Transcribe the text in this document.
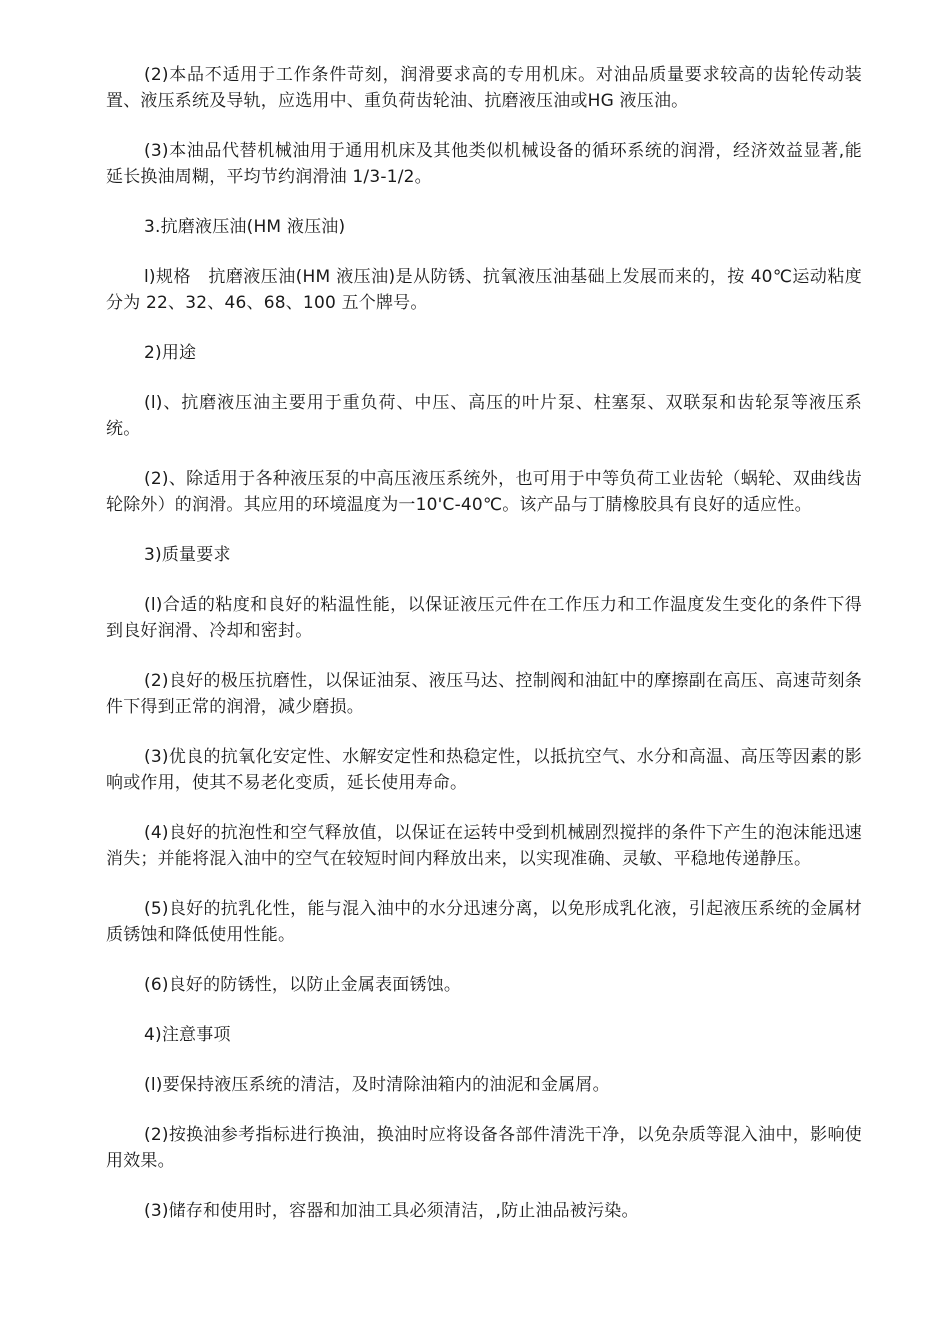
(2)本品不适用于工作条件苛刻，润滑要求高的专用机床。对油品质量要求较高的齿轮传动装置、液压系统及导轨，应选用中、重负荷齿轮油、抗磨液压油或HG 液压油。

(3)本油品代替机械油用于通用机床及其他类似机械设备的循环系统的润滑，经济效益显著,能延长换油周糊，平均节约润滑油 1/3-1/2。

3.抗磨液压油(HM 液压油)

l)规格　抗磨液压油(HM 液压油)是从防锈、抗氧液压油基础上发展而来的，按 40℃运动粘度分为 22、32、46、68、100 五个牌号。

2)用途

(l)、抗磨液压油主要用于重负荷、中压、高压的叶片泵、柱塞泵、双联泵和齿轮泵等液压系统。

(2)、除适用于各种液压泵的中高压液压系统外，也可用于中等负荷工业齿轮（蜗轮、双曲线齿轮除外）的润滑。其应用的环境温度为一10'C-40℃。该产品与丁腈橡胶具有良好的适应性。

3)质量要求

(l)合适的粘度和良好的粘温性能，以保证液压元件在工作压力和工作温度发生变化的条件下得到良好润滑、冷却和密封。

(2)良好的极压抗磨性，以保证油泵、液压马达、控制阀和油缸中的摩擦副在高压、高速苛刻条件下得到正常的润滑，减少磨损。

(3)优良的抗氧化安定性、水解安定性和热稳定性，以抵抗空气、水分和高温、高压等因素的影响或作用，使其不易老化变质，延长使用寿命。

(4)良好的抗泡性和空气释放值，以保证在运转中受到机械剧烈搅拌的条件下产生的泡沫能迅速消失；并能将混入油中的空气在较短时间内释放出来，以实现准确、灵敏、平稳地传递静压。

(5)良好的抗乳化性，能与混入油中的水分迅速分离，以免形成乳化液，引起液压系统的金属材质锈蚀和降低使用性能。

(6)良好的防锈性，以防止金属表面锈蚀。

4)注意事项

(l)要保持液压系统的清洁，及时清除油箱内的油泥和金属屑。

(2)按换油参考指标进行换油，换油时应将设备各部件清洗干净，以免杂质等混入油中，影响使用效果。

(3)储存和使用时，容器和加油工具必须清洁，,防止油品被污染。
